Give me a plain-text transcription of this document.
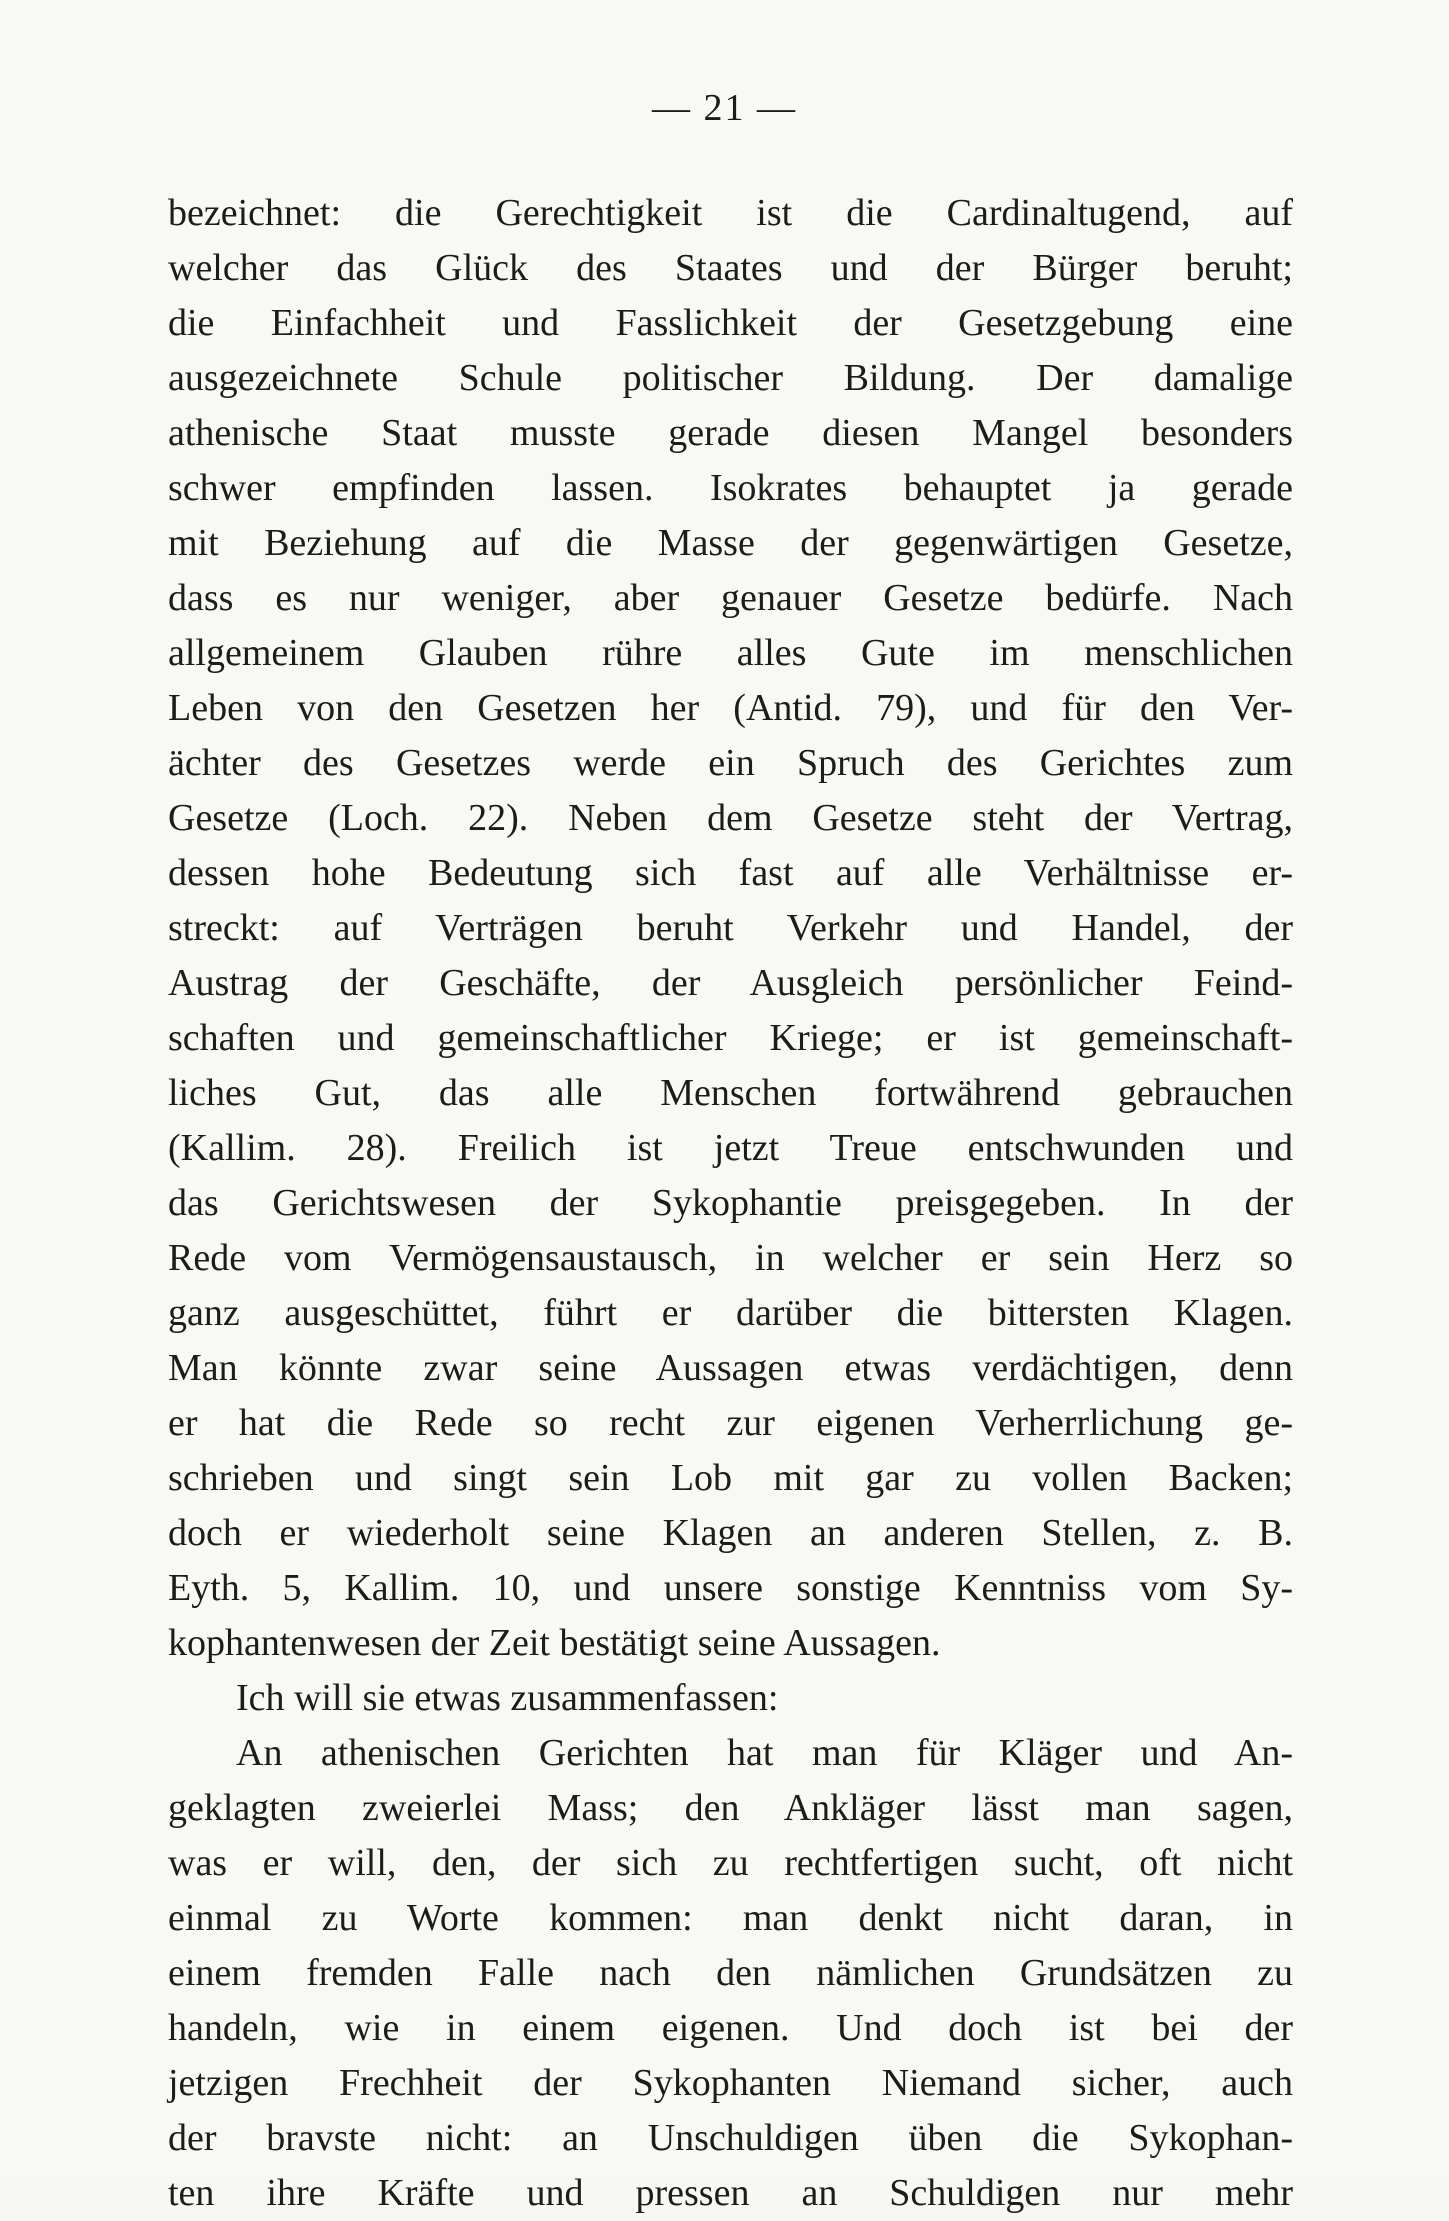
— 21 —
bezeichnet: die Gerechtigkeit ist die Cardinaltugend, auf
welcher das Glück des Staates und der Bürger beruht;
die Einfachheit und Fasslichkeit der Gesetzgebung eine
ausgezeichnete Schule politischer Bildung. Der damalige
athenische Staat musste gerade diesen Mangel besonders
schwer empfinden lassen. Isokrates behauptet ja gerade
mit Beziehung auf die Masse der gegenwärtigen Gesetze,
dass es nur weniger, aber genauer Gesetze bedürfe. Nach
allgemeinem Glauben rühre alles Gute im menschlichen
Leben von den Gesetzen her (Antid. 79), und für den Ver-
ächter des Gesetzes werde ein Spruch des Gerichtes zum
Gesetze (Loch. 22). Neben dem Gesetze steht der Vertrag,
dessen hohe Bedeutung sich fast auf alle Verhältnisse er-
streckt: auf Verträgen beruht Verkehr und Handel, der
Austrag der Geschäfte, der Ausgleich persönlicher Feind-
schaften und gemeinschaftlicher Kriege; er ist gemeinschaft-
liches Gut, das alle Menschen fortwährend gebrauchen
(Kallim. 28). Freilich ist jetzt Treue entschwunden und
das Gerichtswesen der Sykophantie preisgegeben. In der
Rede vom Vermögensaustausch, in welcher er sein Herz so
ganz ausgeschüttet, führt er darüber die bittersten Klagen.
Man könnte zwar seine Aussagen etwas verdächtigen, denn
er hat die Rede so recht zur eigenen Verherrlichung ge-
schrieben und singt sein Lob mit gar zu vollen Backen;
doch er wiederholt seine Klagen an anderen Stellen, z. B.
Eyth. 5, Kallim. 10, und unsere sonstige Kenntniss vom Sy-
kophantenwesen der Zeit bestätigt seine Aussagen.
Ich will sie etwas zusammenfassen:
An athenischen Gerichten hat man für Kläger und An-
geklagten zweierlei Mass; den Ankläger lässt man sagen,
was er will, den, der sich zu rechtfertigen sucht, oft nicht
einmal zu Worte kommen: man denkt nicht daran, in
einem fremden Falle nach den nämlichen Grundsätzen zu
handeln, wie in einem eigenen. Und doch ist bei der
jetzigen Frechheit der Sykophanten Niemand sicher, auch
der bravste nicht: an Unschuldigen üben die Sykophan-
ten ihre Kräfte und pressen an Schuldigen nur mehr
